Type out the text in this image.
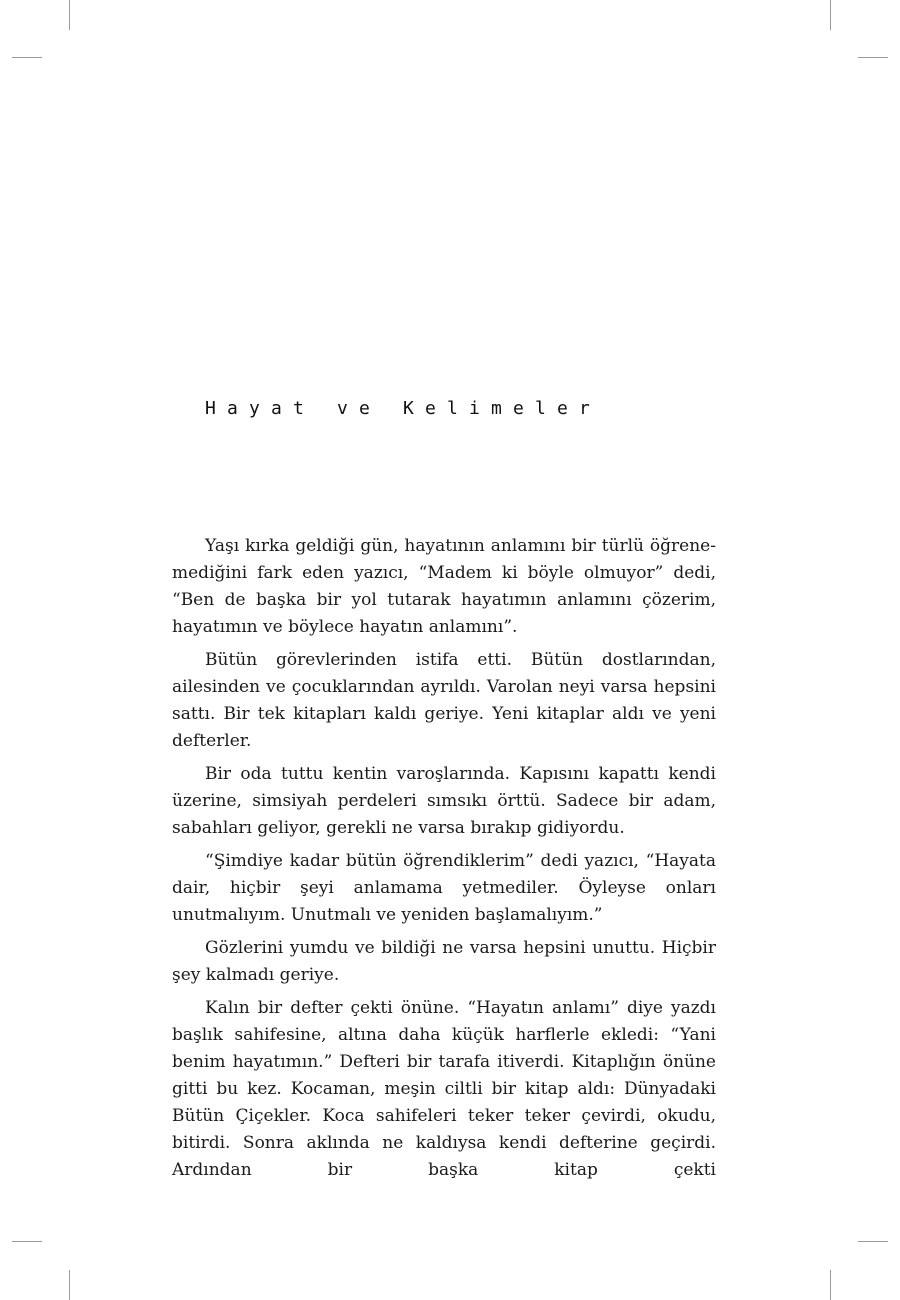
Hayat ve Kelimeler

Yaşı kırka geldiği gün, hayatının anlamını bir türlü öğrenemediğini fark eden yazıcı, “Madem ki böyle olmuyor” dedi, “Ben de başka bir yol tutarak hayatımın anlamını çözerim, hayatımın ve böylece hayatın anlamını”.

Bütün görevlerinden istifa etti. Bütün dostlarından, ailesinden ve çocuklarından ayrıldı. Varolan neyi varsa hepsini sattı. Bir tek kitapları kaldı geriye. Yeni kitaplar aldı ve yeni defterler.

Bir oda tuttu kentin varoşlarında. Kapısını kapattı kendi üzerine, simsiyah perdeleri sımsıkı örttü. Sadece bir adam, sabahları geliyor, gerekli ne varsa bırakıp gidiyordu.

“Şimdiye kadar bütün öğrendiklerim” dedi yazıcı, “Hayata dair, hiçbir şeyi anlamama yetmediler. Öyleyse onları unutmalıyım. Unutmalı ve yeniden başlamalıyım.”

Gözlerini yumdu ve bildiği ne varsa hepsini unuttu. Hiçbir şey kalmadı geriye.

Kalın bir defter çekti önüne. “Hayatın anlamı” diye yazdı başlık sahifesine, altına daha küçük harflerle ekledi: “Yani benim hayatımın.” Defteri bir tarafa itiverdi. Kitaplığın önüne gitti bu kez. Kocaman, meşin ciltli bir kitap aldı: Dünyadaki Bütün Çiçekler. Koca sahifeleri teker teker çevirdi, okudu, bitirdi. Sonra aklında ne kaldıysa kendi defterine geçirdi. Ardından bir başka kitap çekti
